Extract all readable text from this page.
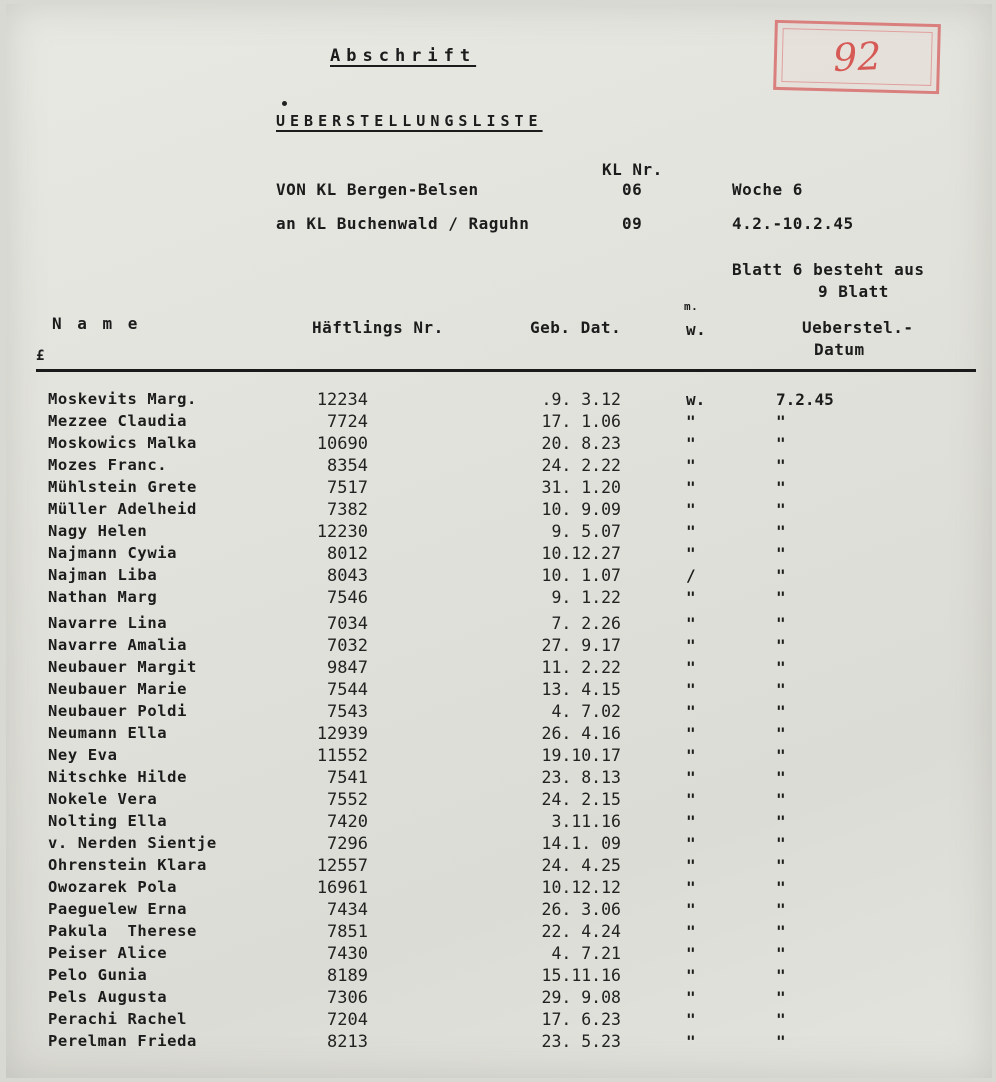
Abschrift
UEBERSTELLUNGSLISTE
92
KL Nr.
VON KL Bergen-Belsen	06	Woche 6
an KL Buchenwald / Raguhn	09	4.2.-10.2.45
Blatt 6 besteht aus
9 Blatt
N a m e	Häftlings Nr.	Geb. Dat.
m.
w.	Ueberstel.-
Datum
£
Moskevits Marg.	12234	.9. 3.12	w.	7.2.45
Mezzee Claudia	7724	17. 1.06	"	"
Moskowics Malka	10690	20. 8.23	"	"
Mozes Franc.	8354	24. 2.22	"	"
Mühlstein Grete	7517	31. 1.20	"	"
Müller Adelheid	7382	10. 9.09	"	"
Nagy Helen	12230	9. 5.07	"	"
Najmann Cywia	8012	10.12.27	"	"
Najman Liba	8043	10. 1.07	/	"
Nathan Marg	7546	9. 1.22	"	"
Navarre Lina	7034	7. 2.26	"	"
Navarre Amalia	7032	27. 9.17	"	"
Neubauer Margit	9847	11. 2.22	"	"
Neubauer Marie	7544	13. 4.15	"	"
Neubauer Poldi	7543	4. 7.02	"	"
Neumann Ella	12939	26. 4.16	"	"
Ney Eva	11552	19.10.17	"	"
Nitschke Hilde	7541	23. 8.13	"	"
Nokele Vera	7552	24. 2.15	"	"
Nolting Ella	7420	3.11.16	"	"
v. Nerden Sientje	7296	14.1. 09	"	"
Ohrenstein Klara	12557	24. 4.25	"	"
Owozarek Pola	16961	10.12.12	"	"
Paeguelew Erna	7434	26. 3.06	"	"
Pakula  Therese	7851	22. 4.24	"	"
Peiser Alice	7430	4. 7.21	"	"
Pelo Gunia	8189	15.11.16	"	"
Pels Augusta	7306	29. 9.08	"	"
Perachi Rachel	7204	17. 6.23	"	"
Perelman Frieda	8213	23. 5.23	"	"
